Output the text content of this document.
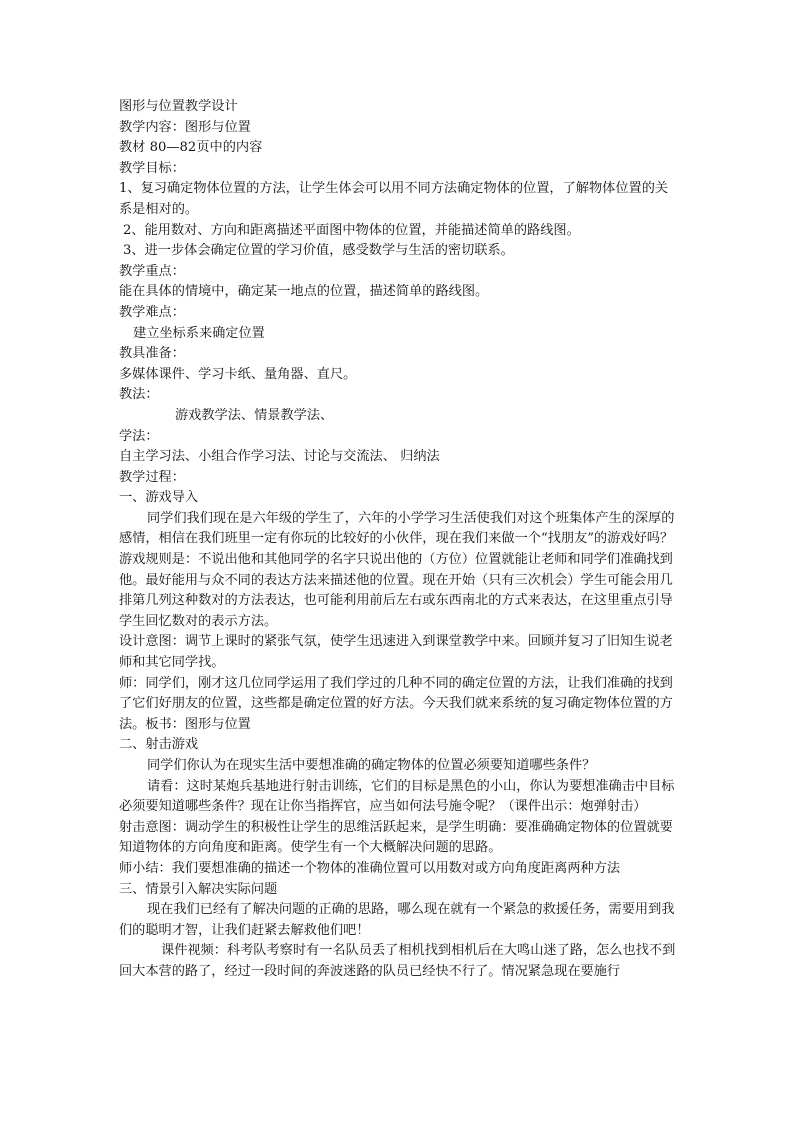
图形与位置教学设计
教学内容：图形与位置
教材 80—82页中的内容
教学目标：
1、复习确定物体位置的方法，让学生体会可以用不同方法确定物体的位置，了解物体位置的关系是相对的。
2、能用数对、方向和距离描述平面图中物体的位置，并能描述简单的路线图。
3、进一步体会确定位置的学习价值，感受数学与生活的密切联系。
教学重点：
能在具体的情境中，确定某一地点的位置，描述简单的路线图。
教学难点：
建立坐标系来确定位置
教具准备：
多媒体课件、学习卡纸、量角器、直尺。
教法：
游戏教学法、情景教学法、
学法：
自主学习法、小组合作学习法、讨论与交流法、 归纳法
教学过程：
一、游戏导入
同学们我们现在是六年级的学生了，六年的小学学习生活使我们对这个班集体产生的深厚的感情，相信在我们班里一定有你玩的比较好的小伙伴，现在我们来做一个“找朋友”的游戏好吗？游戏规则是：不说出他和其他同学的名字只说出他的（方位）位置就能让老师和同学们准确找到他。最好能用与众不同的表达方法来描述他的位置。现在开始（只有三次机会）学生可能会用几排第几列这种数对的方法表达，也可能利用前后左右或东西南北的方式来表达，在这里重点引导学生回忆数对的表示方法。
设计意图：调节上课时的紧张气氛，使学生迅速进入到课堂教学中来。回顾并复习了旧知生说老师和其它同学找。
师：同学们，刚才这几位同学运用了我们学过的几种不同的确定位置的方法，让我们准确的找到了它们好朋友的位置，这些都是确定位置的好方法。今天我们就来系统的复习确定物体位置的方法。板书：图形与位置
二、射击游戏
同学们你认为在现实生活中要想准确的确定物体的位置必须要知道哪些条件？
请看：这时某炮兵基地进行射击训练，它们的目标是黑色的小山，你认为要想准确击中目标必须要知道哪些条件？现在让你当指挥官，应当如何法号施令呢？（课件出示：炮弹射击）
射击意图：调动学生的积极性让学生的思维活跃起来，是学生明确：要准确确定物体的位置就要知道物体的方向角度和距离。使学生有一个大概解决问题的思路。
师小结：我们要想准确的描述一个物体的准确位置可以用数对或方向角度距离两种方法
三、情景引入解决实际问题
现在我们已经有了解决问题的正确的思路，哪么现在就有一个紧急的救援任务，需要用到我们的聪明才智，让我们赶紧去解救他们吧！
课件视频：科考队考察时有一名队员丢了相机找到相机后在大鸣山迷了路，怎么也找不到回大本营的路了，经过一段时间的奔波迷路的队员已经快不行了。情况紧急现在要施行
